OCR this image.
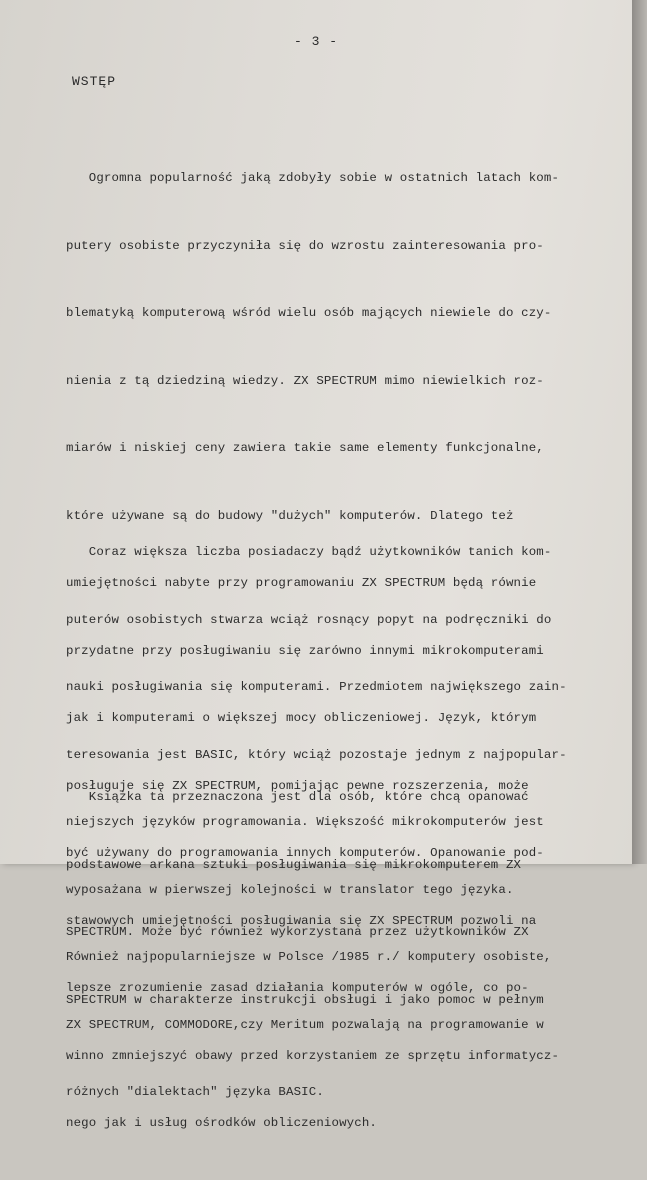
- 3 -
WSTĘP

Ogromna popularność jaką zdobyły sobie w ostatnich latach kom-

putery osobiste przyczyniła się do wzrostu zainteresowania pro-

blematyką komputerową wśród wielu osób mających niewiele do czy-

nienia z tą dziedziną wiedzy. ZX SPECTRUM mimo niewielkich roz-

miarów i niskiej ceny zawiera takie same elementy funkcjonalne,

które używane są do budowy "dużych" komputerów. Dlatego też

umiejętności nabyte przy programowaniu ZX SPECTRUM będą równie

przydatne przy posługiwaniu się zarówno innymi mikrokomputerami

jak i komputerami o większej mocy obliczeniowej. Język, którym

posługuje się ZX SPECTRUM, pomijając pewne rozszerzenia, może

być używany do programowania innych komputerów. Opanowanie pod-

stawowych umiejętności posługiwania się ZX SPECTRUM pozwoli na

lepsze zrozumienie zasad działania komputerów w ogóle, co po-

winno zmniejszyć obawy przed korzystaniem ze sprzętu informatycz-

nego jak i usług ośrodków obliczeniowych.

Coraz większa liczba posiadaczy bądź użytkowników tanich kom-

puterów osobistych stwarza wciąż rosnący popyt na podręczniki do

nauki posługiwania się komputerami. Przedmiotem największego zain-

teresowania jest BASIC, który wciąż pozostaje jednym z najpopular-

niejszych języków programowania. Większość mikrokomputerów jest

wyposażana w pierwszej kolejności w translator tego języka.

Również najpopularniejsze w Polsce /1985 r./ komputery osobiste,

ZX SPECTRUM, COMMODORE,czy Meritum pozwalają na programowanie w

różnych "dialektach" języka BASIC.

Książka ta przeznaczona jest dla osób, które chcą opanować

podstawowe arkana sztuki posługiwania się mikrokomputerem ZX

SPECTRUM. Może być również wykorzystana przez użytkowników ZX

SPECTRUM w charakterze instrukcji obsługi i jako pomoc w pełnym
